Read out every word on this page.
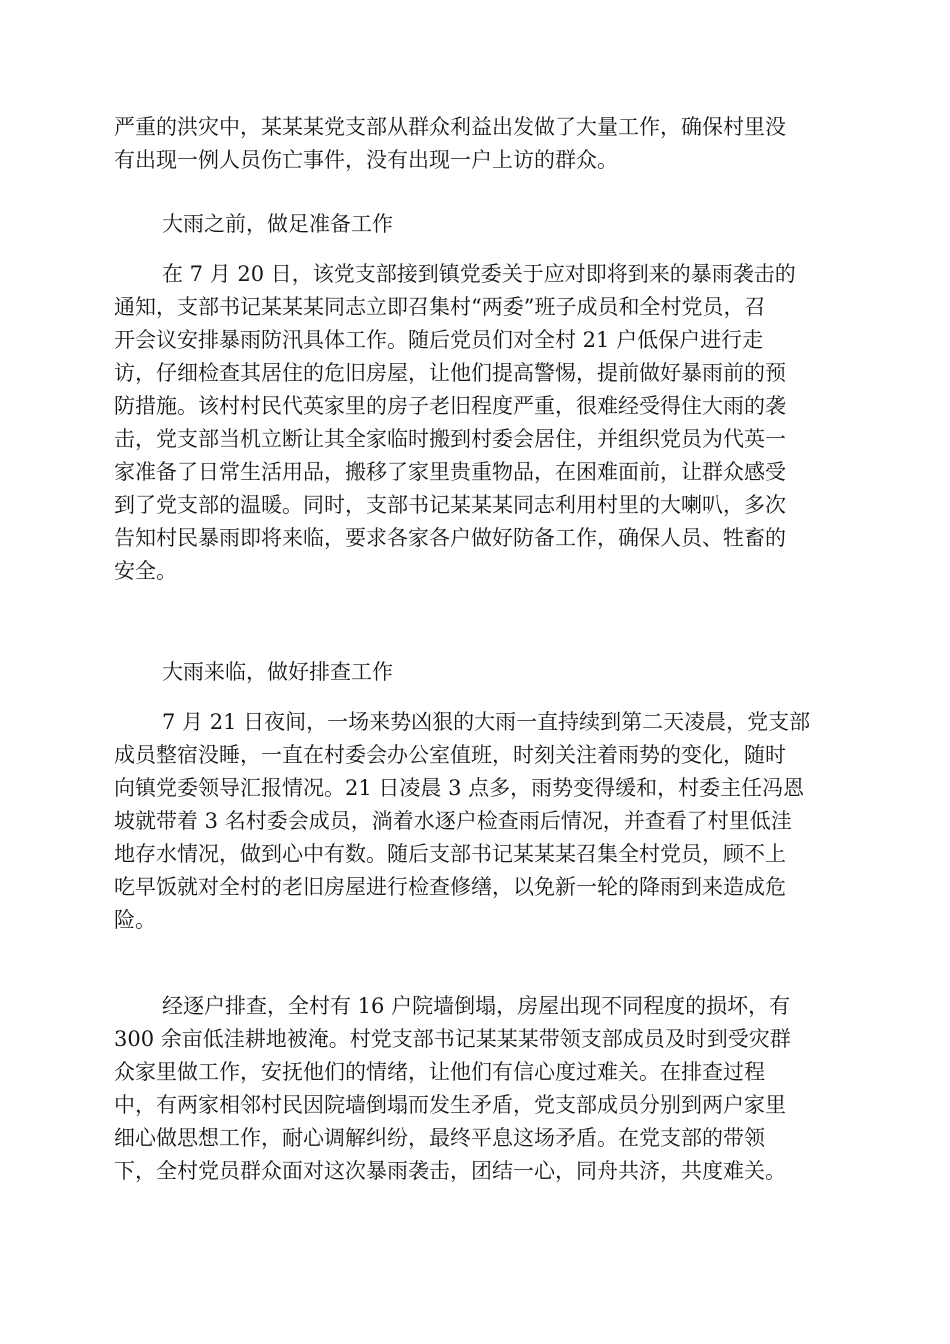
严重的洪灾中，某某某党支部从群众利益出发做了大量工作，确保村里没
有出现一例人员伤亡事件，没有出现一户上访的群众。
大雨之前，做足准备工作
在 7 月 20 日，该党支部接到镇党委关于应对即将到来的暴雨袭击的
通知，支部书记某某某同志立即召集村“两委”班子成员和全村党员，召
开会议安排暴雨防汛具体工作。随后党员们对全村 21 户低保户进行走
访，仔细检查其居住的危旧房屋，让他们提高警惕，提前做好暴雨前的预
防措施。该村村民代英家里的房子老旧程度严重，很难经受得住大雨的袭
击，党支部当机立断让其全家临时搬到村委会居住，并组织党员为代英一
家准备了日常生活用品，搬移了家里贵重物品，在困难面前，让群众感受
到了党支部的温暖。同时，支部书记某某某同志利用村里的大喇叭，多次
告知村民暴雨即将来临，要求各家各户做好防备工作，确保人员、牲畜的
安全。
大雨来临，做好排查工作
7 月 21 日夜间，一场来势凶狠的大雨一直持续到第二天凌晨，党支部
成员整宿没睡，一直在村委会办公室值班，时刻关注着雨势的变化，随时
向镇党委领导汇报情况。21 日凌晨 3 点多，雨势变得缓和，村委主任冯恩
坡就带着 3 名村委会成员，淌着水逐户检查雨后情况，并查看了村里低洼
地存水情况，做到心中有数。随后支部书记某某某召集全村党员，顾不上
吃早饭就对全村的老旧房屋进行检查修缮，以免新一轮的降雨到来造成危
险。
经逐户排查，全村有 16 户院墙倒塌，房屋出现不同程度的损坏，有
300 余亩低洼耕地被淹。村党支部书记某某某带领支部成员及时到受灾群
众家里做工作，安抚他们的情绪，让他们有信心度过难关。在排查过程
中，有两家相邻村民因院墙倒塌而发生矛盾，党支部成员分别到两户家里
细心做思想工作，耐心调解纠纷，最终平息这场矛盾。在党支部的带领
下，全村党员群众面对这次暴雨袭击，团结一心，同舟共济，共度难关。
